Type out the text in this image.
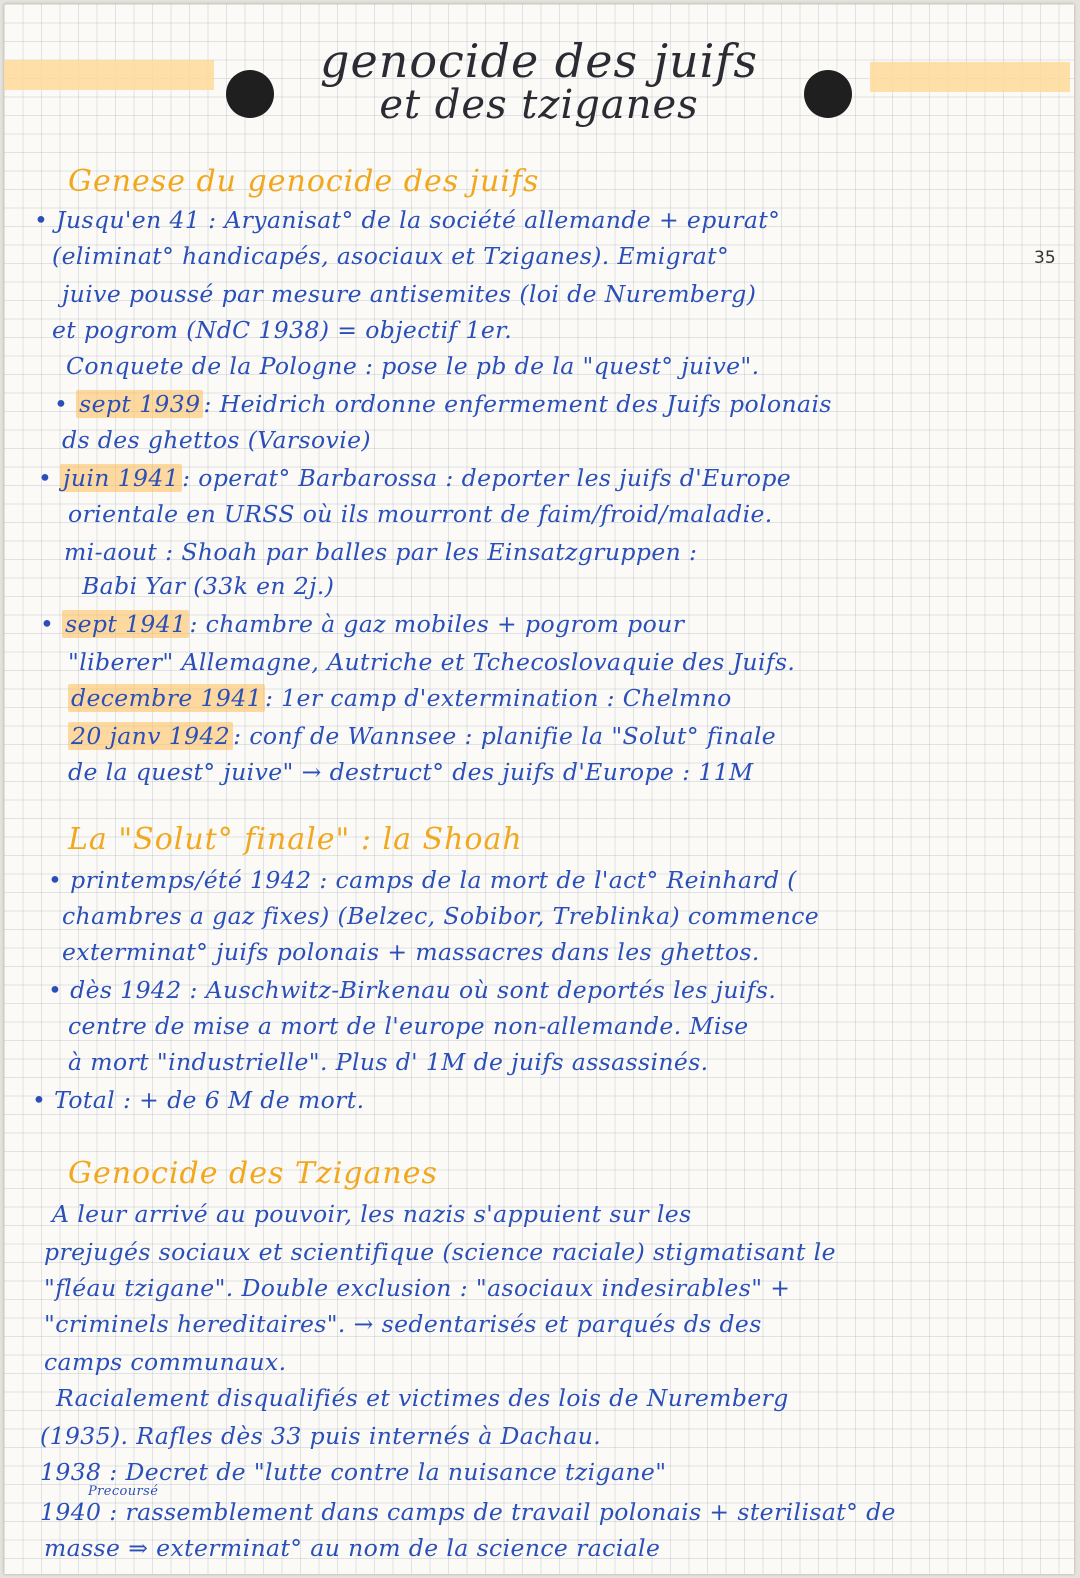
genocide des juifs
et des tziganes
35
Genese du genocide des juifs
• Jusqu'en 41 : Aryanisat° de la société allemande + epurat°
(eliminat° handicapés, asociaux et Tziganes). Emigrat°
juive poussé par mesure antisemites (loi de Nuremberg)
et pogrom (NdC 1938) = objectif 1er.
Conquete de la Pologne : pose le pb de la "quest° juive".
• sept 1939 : Heidrich ordonne enfermement des Juifs polonais
ds des ghettos (Varsovie)
• juin 1941 : operat° Barbarossa : deporter les juifs d'Europe
orientale en URSS où ils mourront de faim/froid/maladie.
mi-aout : Shoah par balles par les Einsatzgruppen :
Babi Yar (33k en 2j.)
• sept 1941 : chambre à gaz mobiles + pogrom pour
"liberer" Allemagne, Autriche et Tchecoslovaquie des Juifs.
decembre 1941 : 1er camp d'extermination : Chelmno
20 janv 1942 : conf de Wannsee : planifie la "Solut° finale
de la quest° juive" → destruct° des juifs d'Europe : 11M
La "Solut° finale" : la Shoah
• printemps/été 1942 : camps de la mort de l'act° Reinhard (
chambres a gaz fixes) (Belzec, Sobibor, Treblinka) commence
exterminat° juifs polonais + massacres dans les ghettos.
• dès 1942 : Auschwitz-Birkenau où sont deportés les juifs.
centre de mise a mort de l'europe non-allemande. Mise
à mort "industrielle". Plus d' 1M de juifs assassinés.
• Total : + de 6 M de mort.
Genocide des Tziganes
A leur arrivé au pouvoir, les nazis s'appuient sur les
prejugés sociaux et scientifique (science raciale) stigmatisant le
"fléau tzigane". Double exclusion : "asociaux indesirables" +
"criminels hereditaires". → sedentarisés et parqués ds des
camps communaux.
Racialement disqualifiés et victimes des lois de Nuremberg
(1935). Rafles dès 33 puis internés à Dachau.
1938 : Decret de "lutte contre la nuisance tzigane"
Precoursé
1940 : rassemblement dans camps de travail polonais + sterilisat° de
masse ⇒ exterminat° au nom de la science raciale
